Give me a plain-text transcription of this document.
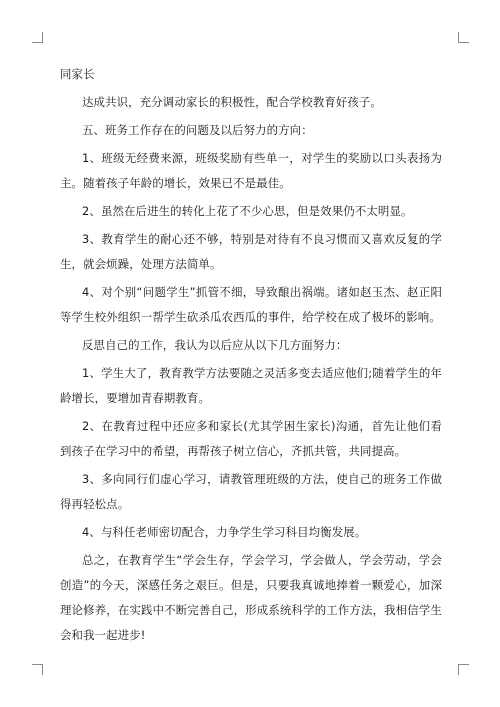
同家长

达成共识，充分调动家长的积极性，配合学校教育好孩子。

五、班务工作存在的问题及以后努力的方向：

1、班级无经费来源，班级奖励有些单一，对学生的奖励以口头表扬为主。随着孩子年龄的增长，效果已不是最佳。

2、虽然在后进生的转化上花了不少心思，但是效果仍不太明显。

3、教育学生的耐心还不够，特别是对待有不良习惯而又喜欢反复的学生，就会烦躁，处理方法简单。

4、对个别“问题学生”抓管不细，导致酿出祸端。诸如赵玉杰、赵正阳等学生校外组织一帮学生砍杀瓜农西瓜的事件，给学校在成了极坏的影响。

反思自己的工作，我认为以后应从以下几方面努力：

1、学生大了，教育教学方法要随之灵活多变去适应他们;随着学生的年龄增长，要增加青春期教育。

2、在教育过程中还应多和家长(尤其学困生家长)沟通，首先让他们看到孩子在学习中的希望，再帮孩子树立信心，齐抓共管，共同提高。

3、多向同行们虚心学习，请教管理班级的方法，使自己的班务工作做得再轻松点。

4、与科任老师密切配合，力争学生学习科目均衡发展。

总之，在教育学生“学会生存，学会学习，学会做人，学会劳动，学会创造”的今天，深感任务之艰巨。但是，只要我真诚地捧着一颗爱心，加深理论修养，在实践中不断完善自己，形成系统科学的工作方法，我相信学生会和我一起进步!
